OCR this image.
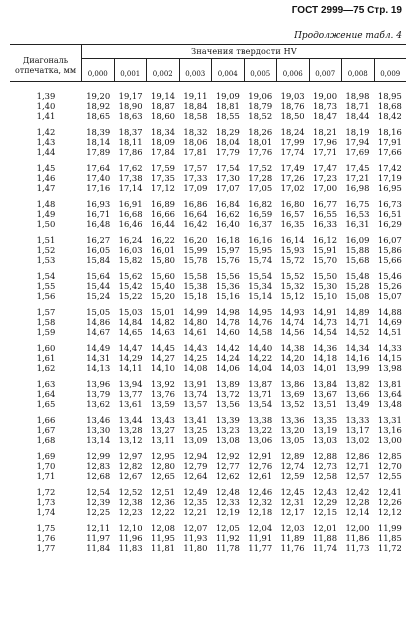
ГОСТ 2999—75 Стр. 19
Продолжение табл. 4
Диагональ отпечатка, мм
Значения твердости HV
0,000	0,001	0,002	0,003	0,004	0,005	0,006	0,007	0,008	0,009
1,39	19,20	19,17	19,14	19,11	19,09	19,06	19,03	19,00	18,98	18,95
1,40	18,92	18,90	18,87	18,84	18,81	18,79	18,76	18,73	18,71	18,68
1,41	18,65	18,63	18,60	18,58	18,55	18,52	18,50	18,47	18,44	18,42
1,42	18,39	18,37	18,34	18,32	18,29	18,26	18,24	18,21	18,19	18,16
1,43	18,14	18,11	18,09	18,06	18,04	18,01	17,99	17,96	17,94	17,91
1,44	17,89	17,86	17,84	17,81	17,79	17,76	17,74	17,71	17,69	17,66
1,45	17,64	17,62	17,59	17,57	17,54	17,52	17,49	17,47	17,45	17,42
1,46	17,40	17,38	17,35	17,33	17,30	17,28	17,26	17,23	17,21	17,19
1,47	17,16	17,14	17,12	17,09	17,07	17,05	17,02	17,00	16,98	16,95
1,48	16,93	16,91	16,89	16,86	16,84	16,82	16,80	16,77	16,75	16,73
1,49	16,71	16,68	16,66	16,64	16,62	16,59	16,57	16,55	16,53	16,51
1,50	16,48	16,46	16,44	16,42	16,40	16,37	16,35	16,33	16,31	16,29
1,51	16,27	16,24	16,22	16,20	16,18	16,16	16,14	16,12	16,09	16,07
1,52	16,05	16,03	16,01	15,99	15,97	15,95	15,93	15,91	15,88	15,86
1,53	15,84	15,82	15,80	15,78	15,76	15,74	15,72	15,70	15,68	15,66
1,54	15,64	15,62	15,60	15,58	15,56	15,54	15,52	15,50	15,48	15,46
1,55	15,44	15,42	15,40	15,38	15,36	15,34	15,32	15,30	15,28	15,26
1,56	15,24	15,22	15,20	15,18	15,16	15,14	15,12	15,10	15,08	15,07
1,57	15,05	15,03	15,01	14,99	14,98	14,95	14,93	14,91	14,89	14,88
1,58	14,86	14,84	14,82	14,80	14,78	14,76	14,74	14,73	14,71	14,69
1,59	14,67	14,65	14,63	14,61	14,60	14,58	14,56	14,54	14,52	14,51
1,60	14,49	14,47	14,45	14,43	14,42	14,40	14,38	14,36	14,34	14,33
1,61	14,31	14,29	14,27	14,25	14,24	14,22	14,20	14,18	14,16	14,15
1,62	14,13	14,11	14,10	14,08	14,06	14,04	14,03	14,01	13,99	13,98
1,63	13,96	13,94	13,92	13,91	13,89	13,87	13,86	13,84	13,82	13,81
1,64	13,79	13,77	13,76	13,74	13,72	13,71	13,69	13,67	13,66	13,64
1,65	13,62	13,61	13,59	13,57	13,56	13,54	13,52	13,51	13,49	13,48
1,66	13,46	13,44	13,43	13,41	13,39	13,38	13,36	13,35	13,33	13,31
1,67	13,30	13,28	13,27	13,25	13,23	13,22	13,20	13,19	13,17	13,16
1,68	13,14	13,12	13,11	13,09	13,08	13,06	13,05	13,03	13,02	13,00
1,69	12,99	12,97	12,95	12,94	12,92	12,91	12,89	12,88	12,86	12,85
1,70	12,83	12,82	12,80	12,79	12,77	12,76	12,74	12,73	12,71	12,70
1,71	12,68	12,67	12,65	12,64	12,62	12,61	12,59	12,58	12,57	12,55
1,72	12,54	12,52	12,51	12,49	12,48	12,46	12,45	12,43	12,42	12,41
1,73	12,39	12,38	12,36	12,35	12,33	12,32	12,31	12,29	12,28	12,26
1,74	12,25	12,23	12,22	12,21	12,19	12,18	12,17	12,15	12,14	12,12
1,75	12,11	12,10	12,08	12,07	12,05	12,04	12,03	12,01	12,00	11,99
1,76	11,97	11,96	11,95	11,93	11,92	11,91	11,89	11,88	11,86	11,85
1,77	11,84	11,83	11,81	11,80	11,78	11,77	11,76	11,74	11,73	11,72
